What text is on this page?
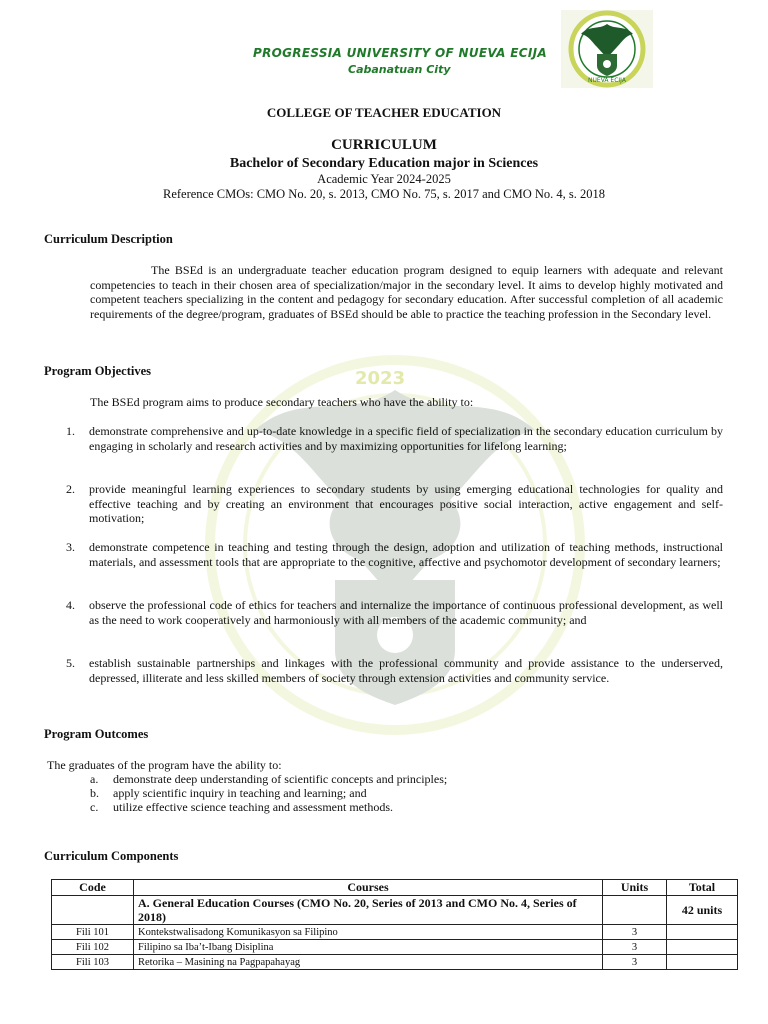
PROGRESSIA UNIVERSITY OF NUEVA ECIJA
Cabanatuan City
NUEVA ECIJA
COLLEGE OF TEACHER EDUCATION
CURRICULUM
Bachelor of Secondary Education major in Sciences
Academic Year 2024-2025
Reference CMOs: CMO No. 20, s. 2013, CMO No. 75, s. 2017 and CMO No. 4, s. 2018
Curriculum Description
The BSEd is an undergraduate teacher education program designed to equip learners with adequate and relevant competencies to teach in their chosen area of specialization/major in the secondary level. It aims to develop highly motivated and competent teachers specializing in the content and pedagogy for secondary education. After successful completion of all academic requirements of the degree/program, graduates of BSEd should be able to practice the teaching profession in the Secondary level.
Program Objectives
The BSEd program aims to produce secondary teachers who have the ability to:
1. demonstrate comprehensive and up-to-date knowledge in a specific field of specialization in the secondary education curriculum by engaging in scholarly and research activities and by maximizing opportunities for lifelong learning;
2. provide meaningful learning experiences to secondary students by using emerging educational technologies for quality and effective teaching and by creating an environment that encourages positive social interaction, active engagement and self-motivation;
3. demonstrate competence in teaching and testing through the design, adoption and utilization of teaching methods, instructional materials, and assessment tools that are appropriate to the cognitive, affective and psychomotor development of secondary learners;
4. observe the professional code of ethics for teachers and internalize the importance of continuous professional development, as well as the need to work cooperatively and harmoniously with all members of the academic community; and
5. establish sustainable partnerships and linkages with the professional community and provide assistance to the underserved, depressed, illiterate and less skilled members of society through extension activities and community service.
Program Outcomes
The graduates of the program have the ability to:
a. demonstrate deep understanding of scientific concepts and principles;
b. apply scientific inquiry in teaching and learning; and
c. utilize effective science teaching and assessment methods.
Curriculum Components
Code	Courses	Units	Total
	A. General Education Courses (CMO No. 20, Series of 2013 and CMO No. 4, Series of 2018)		42 units
Fili 101	Kontekstwalisadong Komunikasyon sa Filipino	3	
Fili 102	Filipino sa Iba’t-Ibang Disiplina	3	
Fili 103	Retorika – Masining na Pagpapahayag	3	
2023
